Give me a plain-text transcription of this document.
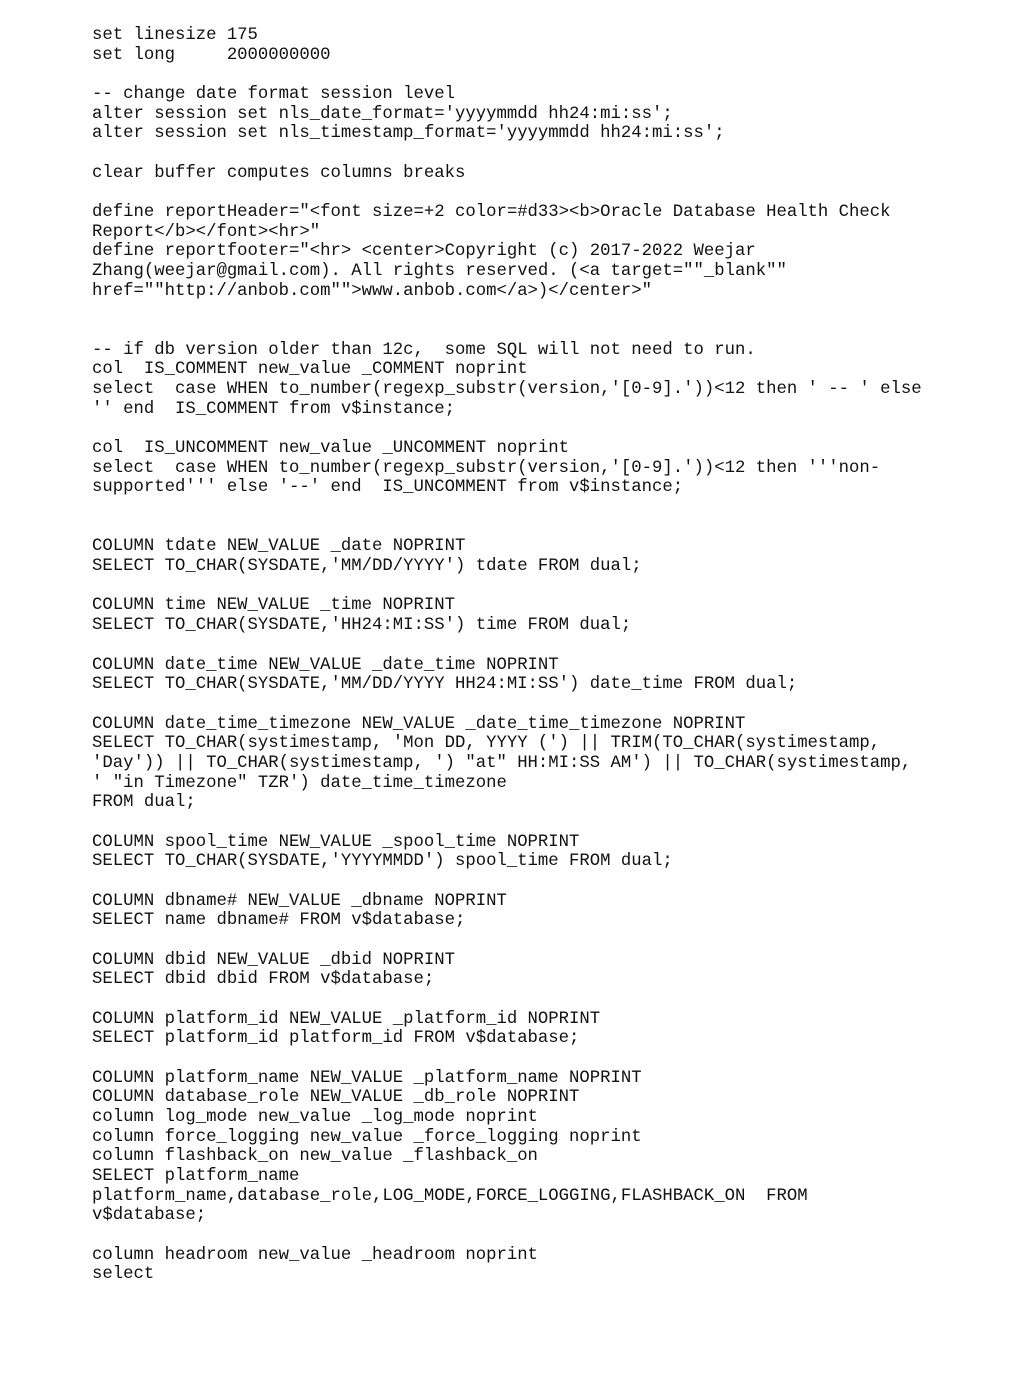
set linesize 175
set long     2000000000
-- change date format session level
alter session set nls_date_format='yyyymmdd hh24:mi:ss';
alter session set nls_timestamp_format='yyyymmdd hh24:mi:ss';
clear buffer computes columns breaks
define reportHeader="<font size=+2 color=#d33><b>Oracle Database Health Check
Report</b></font><hr>"
define reportfooter="<hr> <center>Copyright (c) 2017-2022 Weejar
Zhang(weejar@gmail.com). All rights reserved. (<a target=""_blank""
href=""http://anbob.com"">www.anbob.com</a>)</center>"
-- if db version older than 12c,  some SQL will not need to run.
col  IS_COMMENT new_value _COMMENT noprint
select  case WHEN to_number(regexp_substr(version,'[0-9].'))<12 then ' -- ' else
'' end  IS_COMMENT from v$instance;
col  IS_UNCOMMENT new_value _UNCOMMENT noprint
select  case WHEN to_number(regexp_substr(version,'[0-9].'))<12 then '''non-
supported''' else '--' end  IS_UNCOMMENT from v$instance;
COLUMN tdate NEW_VALUE _date NOPRINT
SELECT TO_CHAR(SYSDATE,'MM/DD/YYYY') tdate FROM dual;
COLUMN time NEW_VALUE _time NOPRINT
SELECT TO_CHAR(SYSDATE,'HH24:MI:SS') time FROM dual;
COLUMN date_time NEW_VALUE _date_time NOPRINT
SELECT TO_CHAR(SYSDATE,'MM/DD/YYYY HH24:MI:SS') date_time FROM dual;
COLUMN date_time_timezone NEW_VALUE _date_time_timezone NOPRINT
SELECT TO_CHAR(systimestamp, 'Mon DD, YYYY (') || TRIM(TO_CHAR(systimestamp,
'Day')) || TO_CHAR(systimestamp, ') "at" HH:MI:SS AM') || TO_CHAR(systimestamp,
' "in Timezone" TZR') date_time_timezone
FROM dual;
COLUMN spool_time NEW_VALUE _spool_time NOPRINT
SELECT TO_CHAR(SYSDATE,'YYYYMMDD') spool_time FROM dual;
COLUMN dbname# NEW_VALUE _dbname NOPRINT
SELECT name dbname# FROM v$database;
COLUMN dbid NEW_VALUE _dbid NOPRINT
SELECT dbid dbid FROM v$database;
COLUMN platform_id NEW_VALUE _platform_id NOPRINT
SELECT platform_id platform_id FROM v$database;
COLUMN platform_name NEW_VALUE _platform_name NOPRINT
COLUMN database_role NEW_VALUE _db_role NOPRINT
column log_mode new_value _log_mode noprint
column force_logging new_value _force_logging noprint
column flashback_on new_value _flashback_on
SELECT platform_name
platform_name,database_role,LOG_MODE,FORCE_LOGGING,FLASHBACK_ON  FROM
v$database;
column headroom new_value _headroom noprint
select
